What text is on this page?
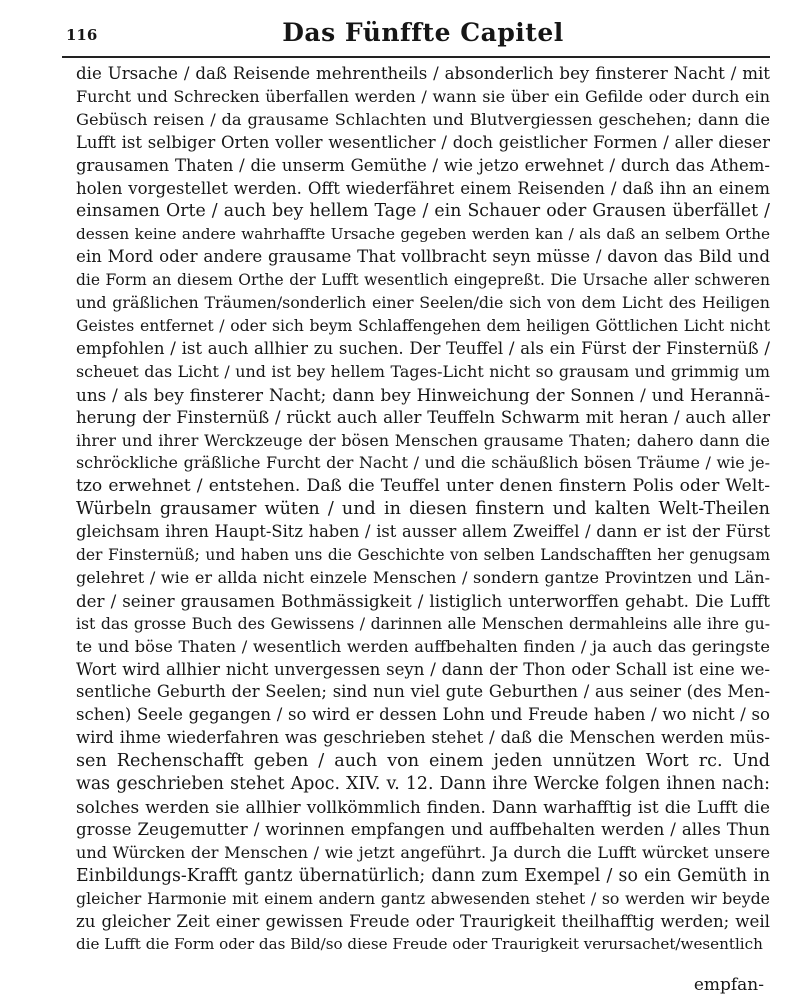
116	Das Fünffte Capitel
die Ursache / daß Reisende mehrentheils / absonderlich bey finsterer Nacht / mit
Furcht und Schrecken überfallen werden / wann sie über ein Gefilde oder durch ein
Gebüsch reisen / da grausame Schlachten und Blutvergiessen geschehen; dann die
Lufft ist selbiger Orten voller wesentlicher / doch geistlicher Formen / aller dieser
grausamen Thaten / die unserm Gemüthe / wie jetzo erwehnet / durch das Athem-
holen vorgestellet werden. Offt wiederfähret einem Reisenden / daß ihn an einem
einsamen Orte / auch bey hellem Tage / ein Schauer oder Grausen überfället /
dessen keine andere wahrhaffte Ursache gegeben werden kan / als daß an selbem Orthe
ein Mord oder andere grausame That vollbracht seyn müsse / davon das Bild und
die Form an diesem Orthe der Lufft wesentlich eingepreßt. Die Ursache aller schweren
und gräßlichen Träumen/sonderlich einer Seelen/die sich von dem Licht des Heiligen
Geistes entfernet / oder sich beym Schlaffengehen dem heiligen Göttlichen Licht nicht
empfohlen / ist auch allhier zu suchen. Der Teuffel / als ein Fürst der Finsternüß /
scheuet das Licht / und ist bey hellem Tages-Licht nicht so grausam und grimmig um
uns / als bey finsterer Nacht; dann bey Hinweichung der Sonnen / und Herannä-
herung der Finsternüß / rückt auch aller Teuffeln Schwarm mit heran / auch aller
ihrer und ihrer Werckzeuge der bösen Menschen grausame Thaten; dahero dann die
schröckliche gräßliche Furcht der Nacht / und die schäußlich bösen Träume / wie je-
tzo erwehnet / entstehen. Daß die Teuffel unter denen finstern Polis oder Welt-
Würbeln grausamer wüten / und in diesen finstern und kalten Welt-Theilen
gleichsam ihren Haupt-Sitz haben / ist ausser allem Zweiffel / dann er ist der Fürst
der Finsternüß; und haben uns die Geschichte von selben Landschafften her genugsam
gelehret / wie er allda nicht einzele Menschen / sondern gantze Provintzen und Län-
der / seiner grausamen Bothmässigkeit / listiglich unterworffen gehabt. Die Lufft
ist das grosse Buch des Gewissens / darinnen alle Menschen dermahleins alle ihre gu-
te und böse Thaten / wesentlich werden auffbehalten finden / ja auch das geringste
Wort wird allhier nicht unvergessen seyn / dann der Thon oder Schall ist eine we-
sentliche Geburth der Seelen; sind nun viel gute Geburthen / aus seiner (des Men-
schen) Seele gegangen / so wird er dessen Lohn und Freude haben / wo nicht / so
wird ihme wiederfahren was geschrieben stehet / daß die Menschen werden müs-
sen Rechenschafft geben / auch von einem jeden unnützen Wort rc. Und
was geschrieben stehet Apoc. XIV. v. 12. Dann ihre Wercke folgen ihnen nach:
solches werden sie allhier vollkömmlich finden. Dann warhafftig ist die Lufft die
grosse Zeugemutter / worinnen empfangen und auffbehalten werden / alles Thun
und Würcken der Menschen / wie jetzt angeführt. Ja durch die Lufft würcket unsere
Einbildungs-Krafft gantz übernatürlich; dann zum Exempel / so ein Gemüth in
gleicher Harmonie mit einem andern gantz abwesenden stehet / so werden wir beyde
zu gleicher Zeit einer gewissen Freude oder Traurigkeit theilhafftig werden; weil
die Lufft die Form oder das Bild/so diese Freude oder Traurigkeit verursachet/wesentlich
empfan-
